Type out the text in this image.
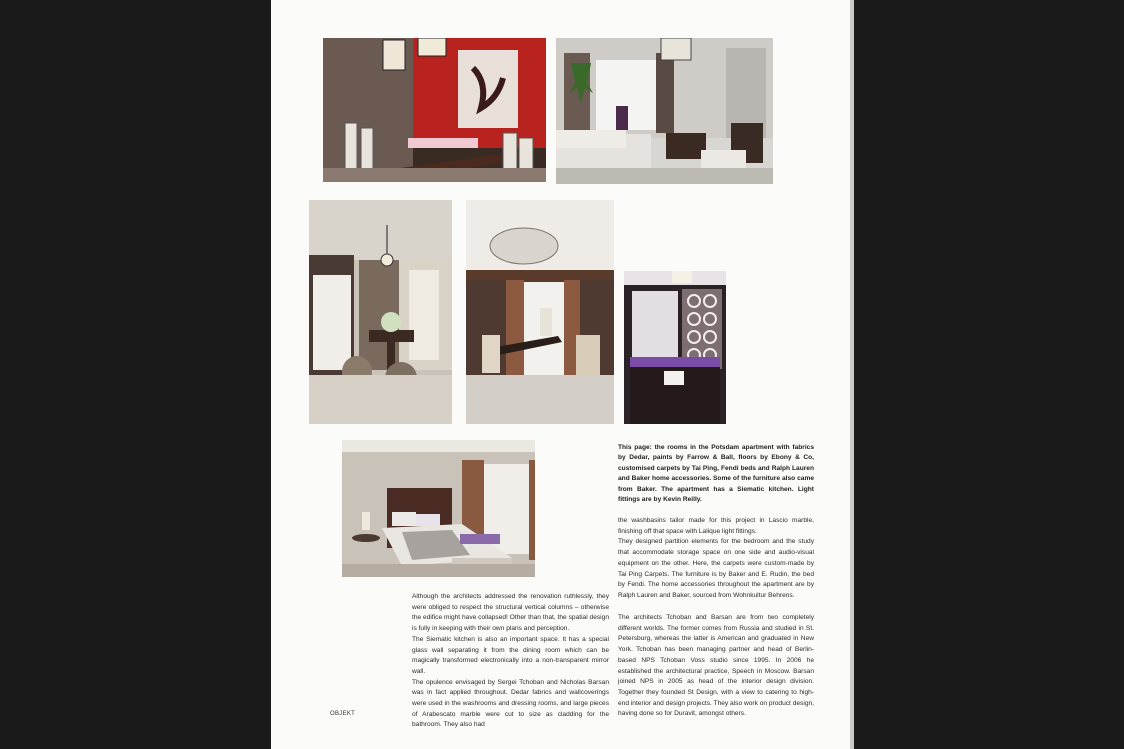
This page: the rooms in the Potsdam apartment with fabrics by Dedar, paints by Farrow & Ball, floors by Ebony & Co, customised carpets by Tai Ping, Fendi beds and Ralph Lauren and Baker home accessories. Some of the furniture also came from Baker. The apartment has a Siematic kitchen. Light fittings are by Kevin Reilly.

Although the architects addressed the renovation ruthlessly, they were obliged to respect the structural vertical columns – otherwise the edifice might have collapsed! Other than that, the spatial design is fully in keeping with their own plans and perception.

The Siematic kitchen is also an important space. It has a special glass wall separating it from the dining room which can be magically transformed electronically into a non-transparent mirror wall.

The opulence envisaged by Sergei Tchoban and Nicholas Barsan was in fact applied throughout. Dedar fabrics and wallcoverings were used in the washrooms and dressing rooms, and large pieces of Arabescato marble were cut to size as cladding for the bathroom. They also had

the washbasins tailor made for this project in Lascio marble, finishing off that space with Lalique light fittings.

They designed partition elements for the bedroom and the study that accommodate storage space on one side and audio-visual equipment on the other. Here, the carpets were custom-made by Tai Ping Carpets. The furniture is by Baker and E. Rudin, the bed by Fendi. The home accessories throughout the apartment are by Ralph Lauren and Baker, sourced from Wohnkultur Behrens.

The architects Tchoban and Barsan are from two completely different worlds. The former comes from Russia and studied in St. Petersburg, whereas the latter is American and graduated in New York. Tchoban has been managing partner and head of Berlin-based NPS Tchoban Voss studio since 1995. In 2006 he established the architectural practice, Speech in Moscow. Barsan joined NPS in 2005 as head of the interior design division. Together they founded St Design, with a view to catering to high-end interior and design projects. They also work on product design, having done so for Duravit, amongst others.

OBJEKT
